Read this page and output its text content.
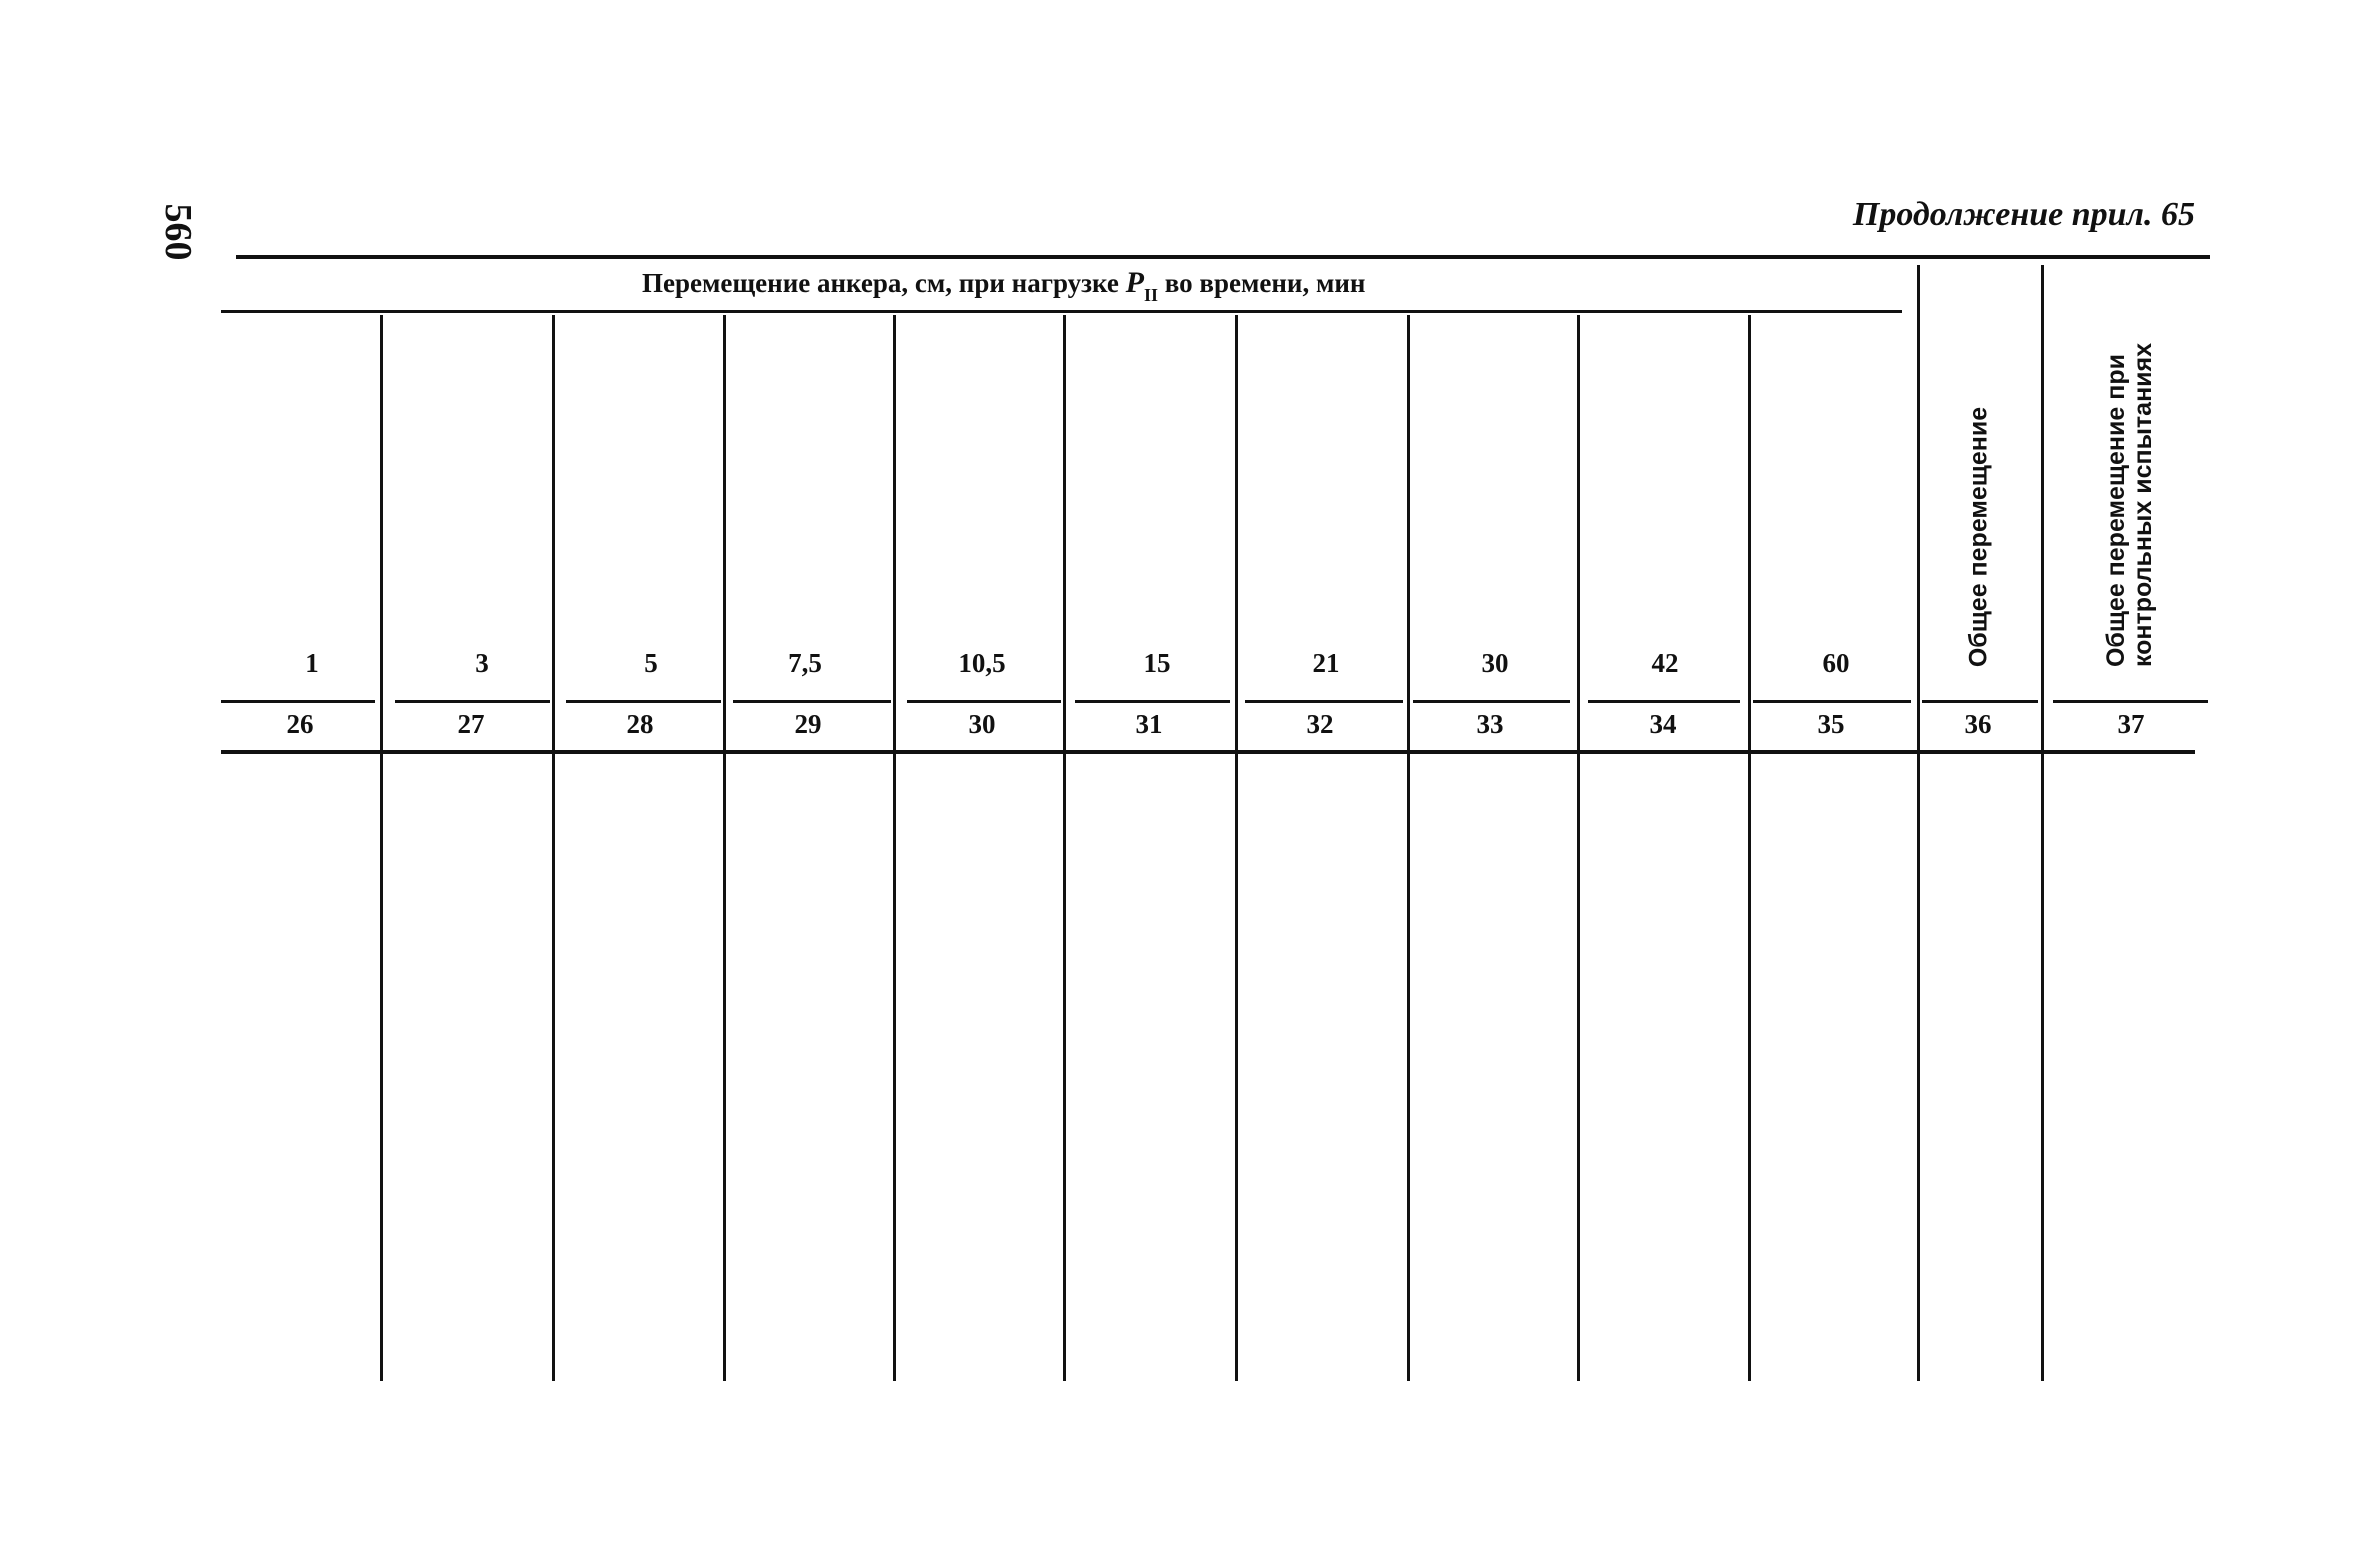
560	Продолжение прил. 65
Перемещение анкера, см, при нагрузке $P_{II}$ во времени, мин
1	3	5	7,5	10,5	15	21	30	42	60
26	27	28	29	30	31	32	33	34	35	36	37
Общее перемещение	Общее перемещение при контрольных испытаниях
